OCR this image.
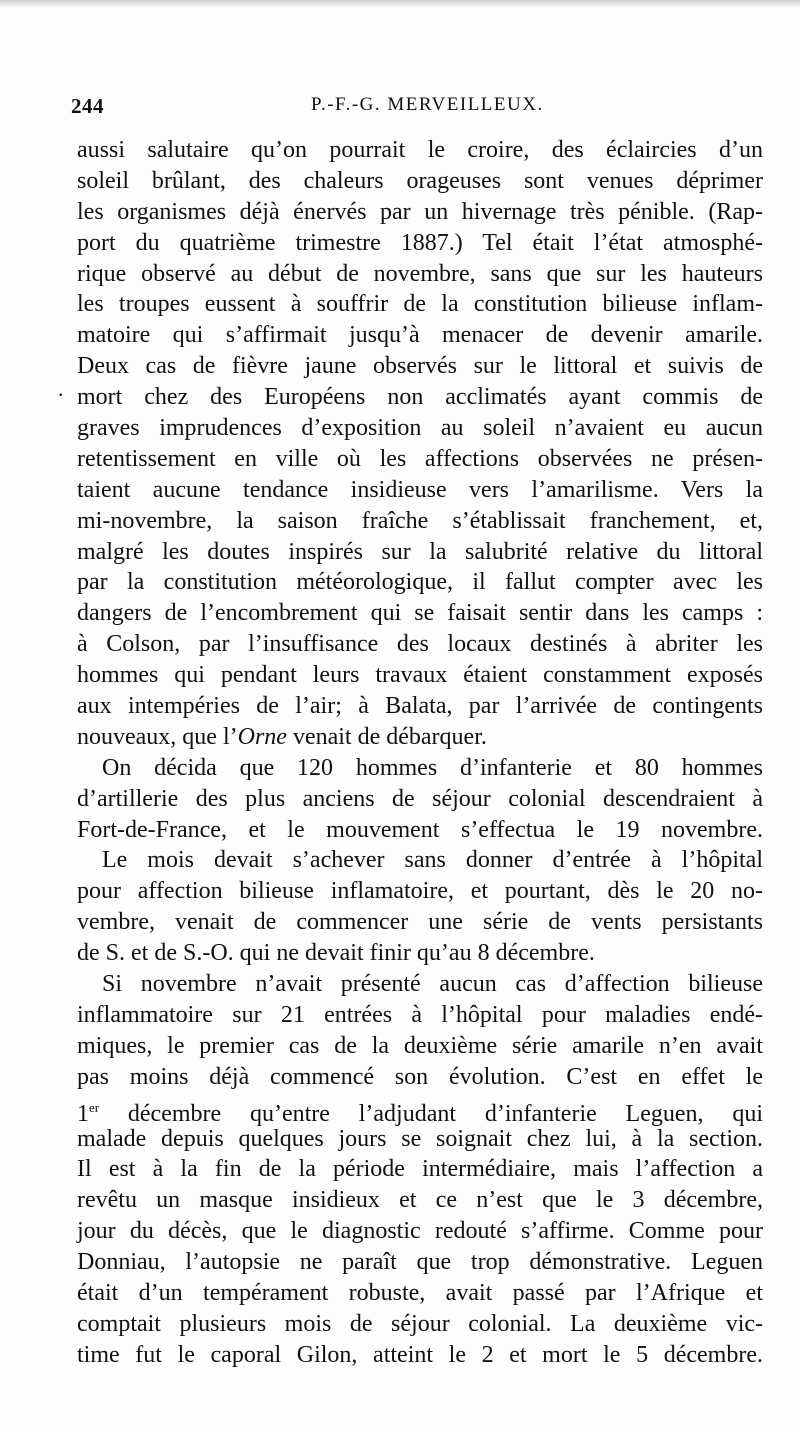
244	P.-F.-G. MERVEILLEUX.
.
aussi salutaire qu’on pourrait le croire, des éclaircies d’un
soleil brûlant, des chaleurs orageuses sont venues déprimer
les organismes déjà énervés par un hivernage très pénible. (Rap-
port du quatrième trimestre 1887.) Tel était l’état atmosphé-
rique observé au début de novembre, sans que sur les hauteurs
les troupes eussent à souffrir de la constitution bilieuse inflam-
matoire qui s’affirmait jusqu’à menacer de devenir amarile.
Deux cas de fièvre jaune observés sur le littoral et suivis de
mort chez des Européens non acclimatés ayant commis de
graves imprudences d’exposition au soleil n’avaient eu aucun
retentissement en ville où les affections observées ne présen-
taient aucune tendance insidieuse vers l’amarilisme. Vers la
mi-novembre, la saison fraîche s’établissait franchement, et,
malgré les doutes inspirés sur la salubrité relative du littoral
par la constitution météorologique, il fallut compter avec les
dangers de l’encombrement qui se faisait sentir dans les camps :
à Colson, par l’insuffisance des locaux destinés à abriter les
hommes qui pendant leurs travaux étaient constamment exposés
aux intempéries de l’air; à Balata, par l’arrivée de contingents
nouveaux, que l’Orne venait de débarquer.
On décida que 120 hommes d’infanterie et 80 hommes
d’artillerie des plus anciens de séjour colonial descendraient à
Fort-de-France, et le mouvement s’effectua le 19 novembre.
Le mois devait s’achever sans donner d’entrée à l’hôpital
pour affection bilieuse inflamatoire, et pourtant, dès le 20 no-
vembre, venait de commencer une série de vents persistants
de S. et de S.-O. qui ne devait finir qu’au 8 décembre.
Si novembre n’avait présenté aucun cas d’affection bilieuse
inflammatoire sur 21 entrées à l’hôpital pour maladies endé-
miques, le premier cas de la deuxième série amarile n’en avait
pas moins déjà commencé son évolution. C’est en effet le
1er décembre qu’entre l’adjudant d’infanterie Leguen, qui
malade depuis quelques jours se soignait chez lui, à la section.
Il est à la fin de la période intermédiaire, mais l’affection a
revêtu un masque insidieux et ce n’est que le 3 décembre,
jour du décès, que le diagnostic redouté s’affirme. Comme pour
Donniau, l’autopsie ne paraît que trop démonstrative. Leguen
était d’un tempérament robuste, avait passé par l’Afrique et
comptait plusieurs mois de séjour colonial. La deuxième vic-
time fut le caporal Gilon, atteint le 2 et mort le 5 décembre.
